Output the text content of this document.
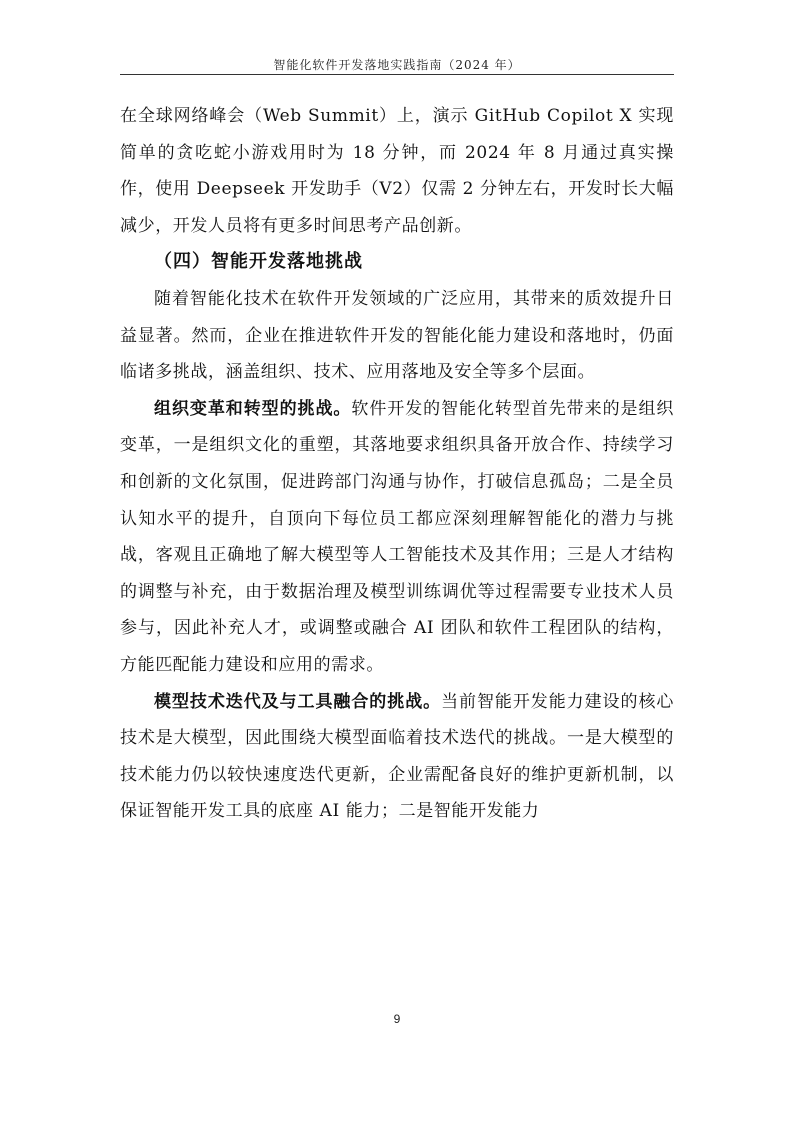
智能化软件开发落地实践指南（2024 年）

在全球网络峰会（Web Summit）上，演示 GitHub Copilot X 实现简单的贪吃蛇小游戏用时为 18 分钟，而 2024 年 8 月通过真实操作，使用 Deepseek 开发助手（V2）仅需 2 分钟左右，开发时长大幅减少，开发人员将有更多时间思考产品创新。

（四）智能开发落地挑战

随着智能化技术在软件开发领域的广泛应用，其带来的质效提升日益显著。然而，企业在推进软件开发的智能化能力建设和落地时，仍面临诸多挑战，涵盖组织、技术、应用落地及安全等多个层面。

组织变革和转型的挑战。软件开发的智能化转型首先带来的是组织变革，一是组织文化的重塑，其落地要求组织具备开放合作、持续学习和创新的文化氛围，促进跨部门沟通与协作，打破信息孤岛；二是全员认知水平的提升，自顶向下每位员工都应深刻理解智能化的潜力与挑战，客观且正确地了解大模型等人工智能技术及其作用；三是人才结构的调整与补充，由于数据治理及模型训练调优等过程需要专业技术人员参与，因此补充人才，或调整或融合 AI 团队和软件工程团队的结构，方能匹配能力建设和应用的需求。

模型技术迭代及与工具融合的挑战。当前智能开发能力建设的核心技术是大模型，因此围绕大模型面临着技术迭代的挑战。一是大模型的技术能力仍以较快速度迭代更新，企业需配备良好的维护更新机制，以保证智能开发工具的底座 AI 能力；二是智能开发能力

9
